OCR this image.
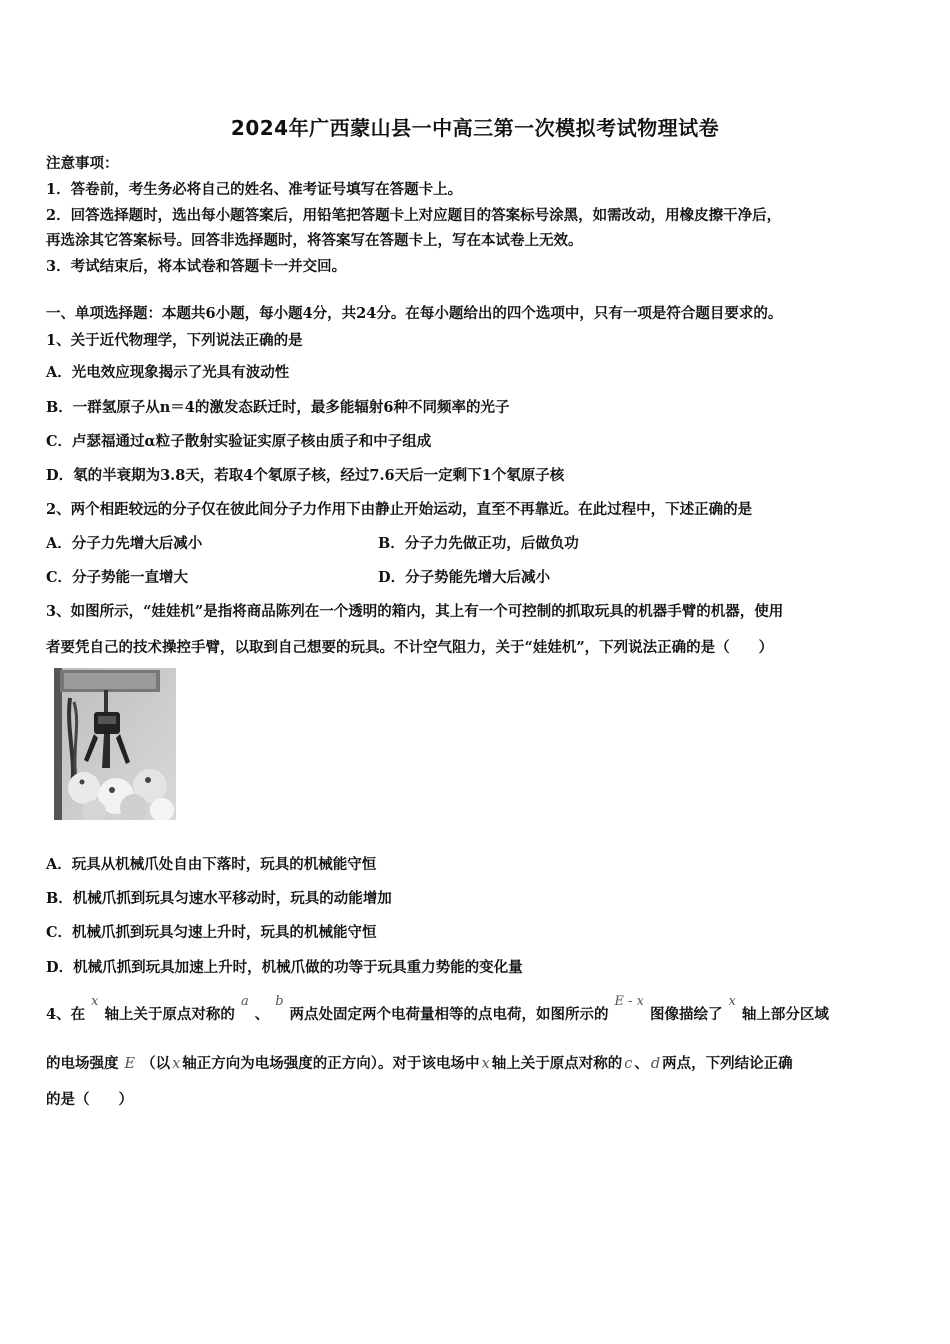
2024年广西蒙山县一中高三第一次模拟考试物理试卷
注意事项：
1．答卷前，考生务必将自己的姓名、准考证号填写在答题卡上。
2．回答选择题时，选出每小题答案后，用铅笔把答题卡上对应题目的答案标号涂黑，如需改动，用橡皮擦干净后，
再选涂其它答案标号。回答非选择题时，将答案写在答题卡上，写在本试卷上无效。
3．考试结束后，将本试卷和答题卡一并交回。
一、单项选择题：本题共6小题，每小题4分，共24分。在每小题给出的四个选项中，只有一项是符合题目要求的。
1、关于近代物理学，下列说法正确的是
A．光电效应现象揭示了光具有波动性
B．一群氢原子从n＝4的激发态跃迁时，最多能辐射6种不同频率的光子
C．卢瑟福通过α粒子散射实验证实原子核由质子和中子组成
D．氡的半衰期为3.8天，若取4个氡原子核，经过7.6天后一定剩下1个氡原子核
2、两个相距较远的分子仅在彼此间分子力作用下由静止开始运动，直至不再靠近。在此过程中，下述正确的是
A．分子力先增大后减小	B．分子力先做正功，后做负功
C．分子势能一直增大	D．分子势能先增大后减小
3、如图所示，“娃娃机”是指将商品陈列在一个透明的箱内，其上有一个可控制的抓取玩具的机器手臂的机器，使用
者要凭自己的技术操控手臂，以取到自己想要的玩具。不计空气阻力，关于“娃娃机”，下列说法正确的是（　　）
A．玩具从机械爪处自由下落时，玩具的机械能守恒
B．机械爪抓到玩具匀速水平移动时，玩具的动能增加
C．机械爪抓到玩具匀速上升时，玩具的机械能守恒
D．机械爪抓到玩具加速上升时，机械爪做的功等于玩具重力势能的变化量
4、在x轴上关于原点对称的a、b两点处固定两个电荷量相等的点电荷，如图所示的E - x图像描绘了x轴上部分区域
的电场强度 E （以 x 轴正方向为电场强度的正方向）。对于该电场中 x 轴上关于原点对称的 c 、 d 两点，下列结论正确
的是（　　）
